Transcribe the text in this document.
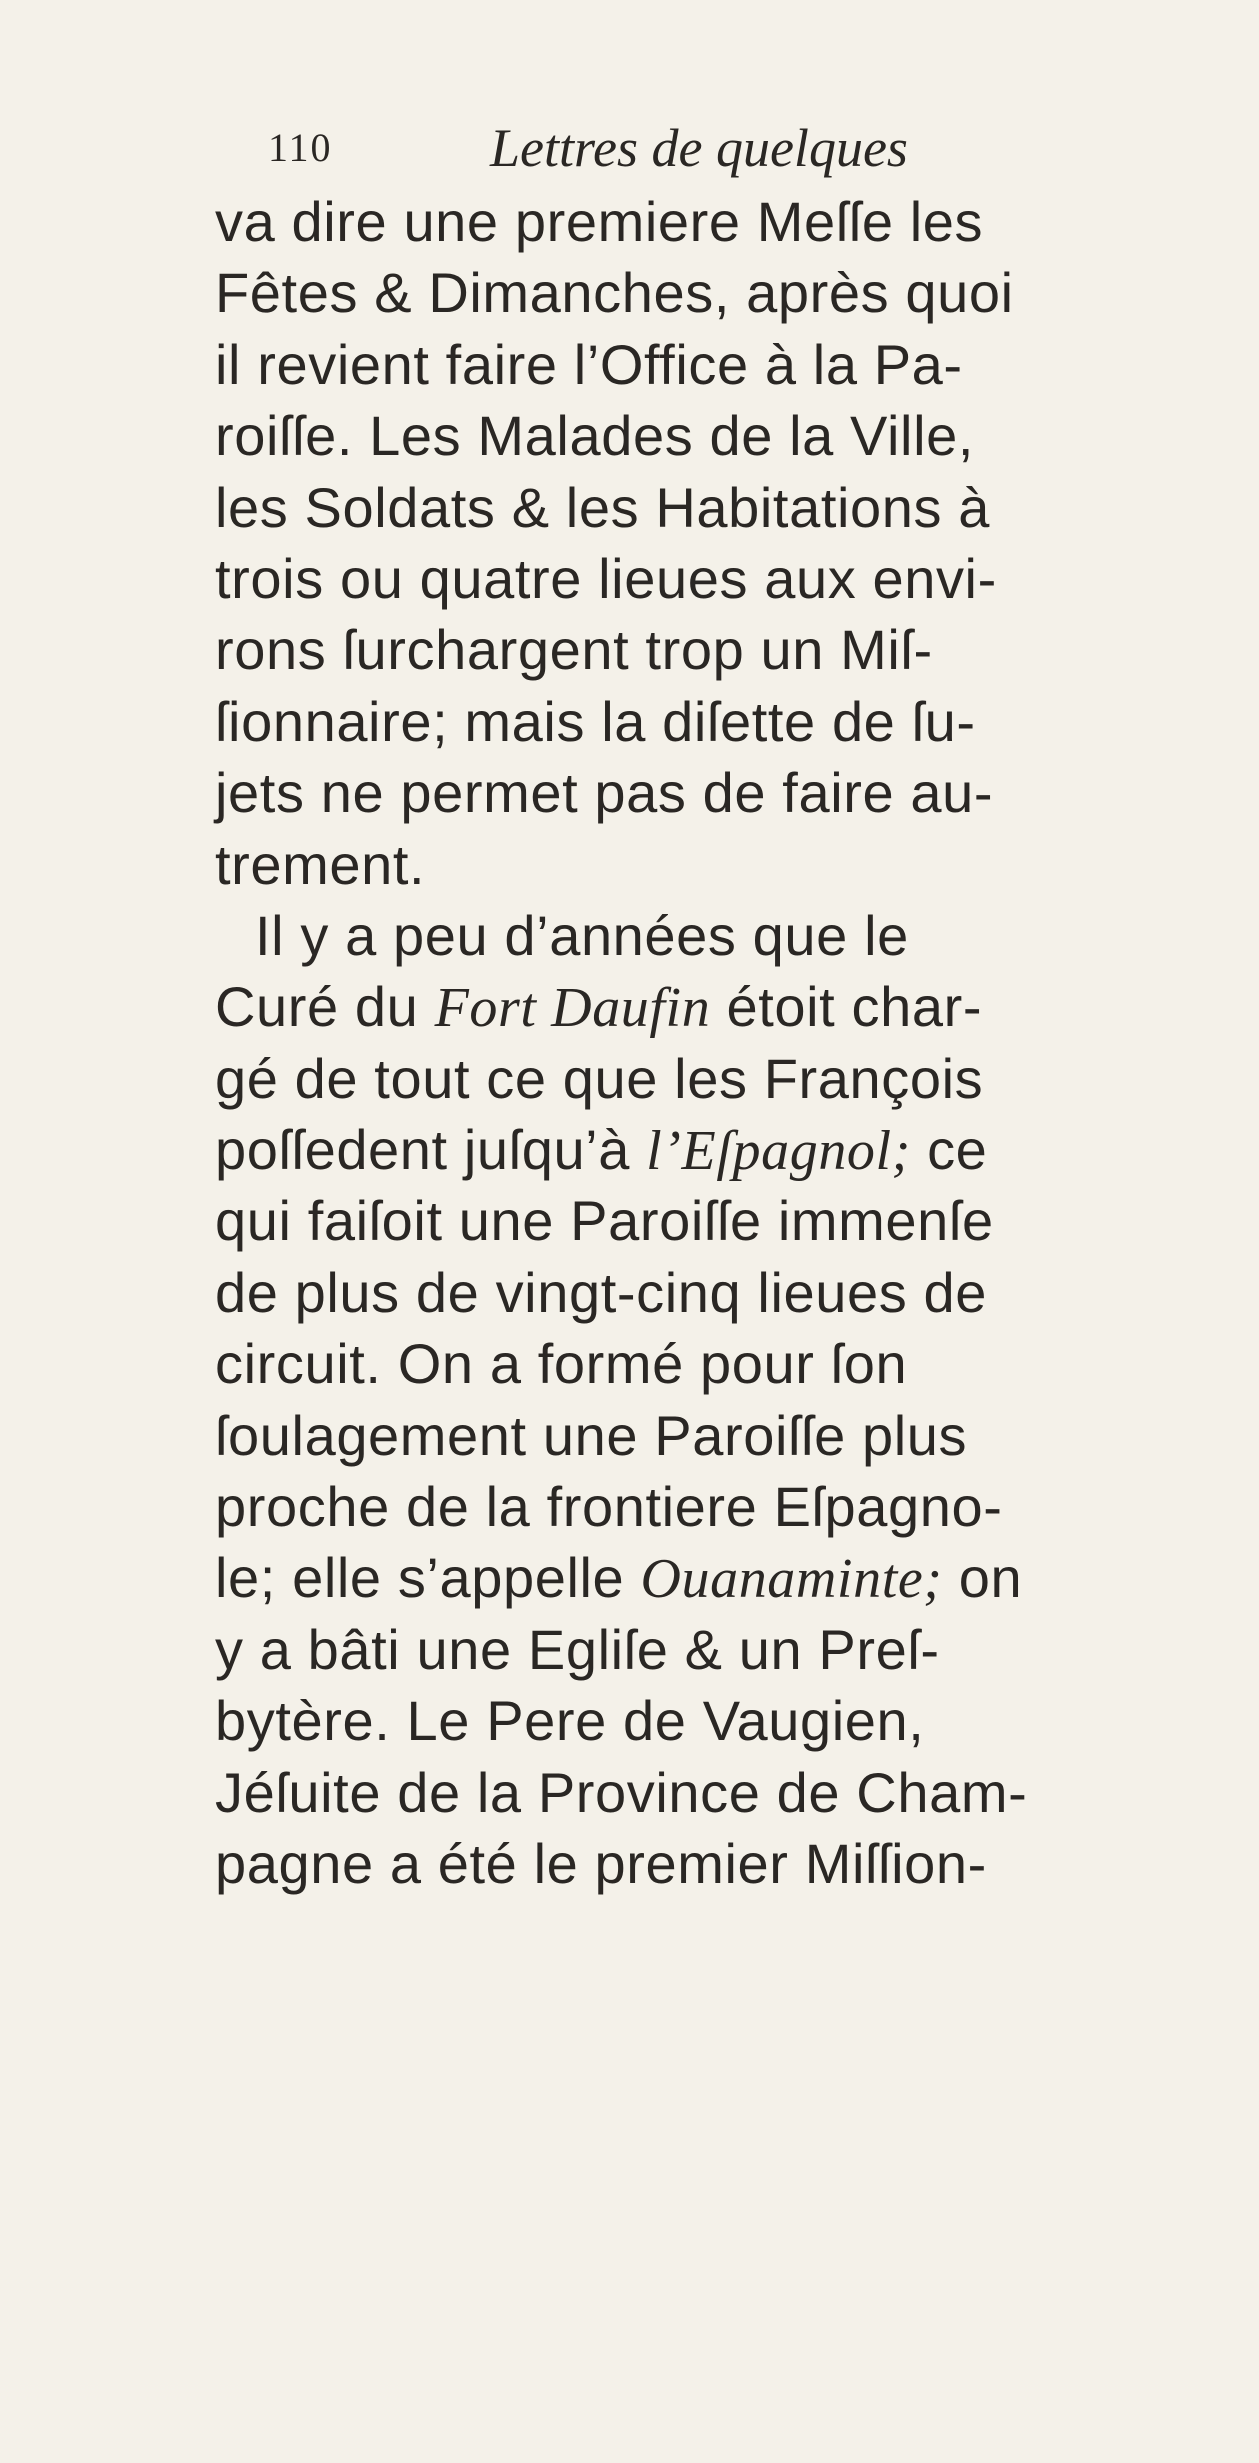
110	Lettres de quelques
va dire une premiere Meſſe les
Fêtes & Dimanches, après quoi
il revient faire l’Office à la Pa-
roiſſe. Les Malades de la Ville,
les Soldats & les Habitations à
trois ou quatre lieues aux envi-
rons ſurchargent trop un Miſ-
ſionnaire; mais la diſette de ſu-
jets ne permet pas de faire au-
trement.
Il y a peu d’années que le
Curé du Fort Daufin étoit char-
gé de tout ce que les François
poſſedent juſqu’à l’Eſpagnol; ce
qui faiſoit une Paroiſſe immenſe
de plus de vingt-cinq lieues de
circuit. On a formé pour ſon
ſoulagement une Paroiſſe plus
proche de la frontiere Eſpagno-
le; elle s’appelle Ouanaminte; on
y a bâti une Egliſe & un Preſ-
bytère. Le Pere de Vaugien,
Jéſuite de la Province de Cham-
pagne a été le premier Miſſion-
